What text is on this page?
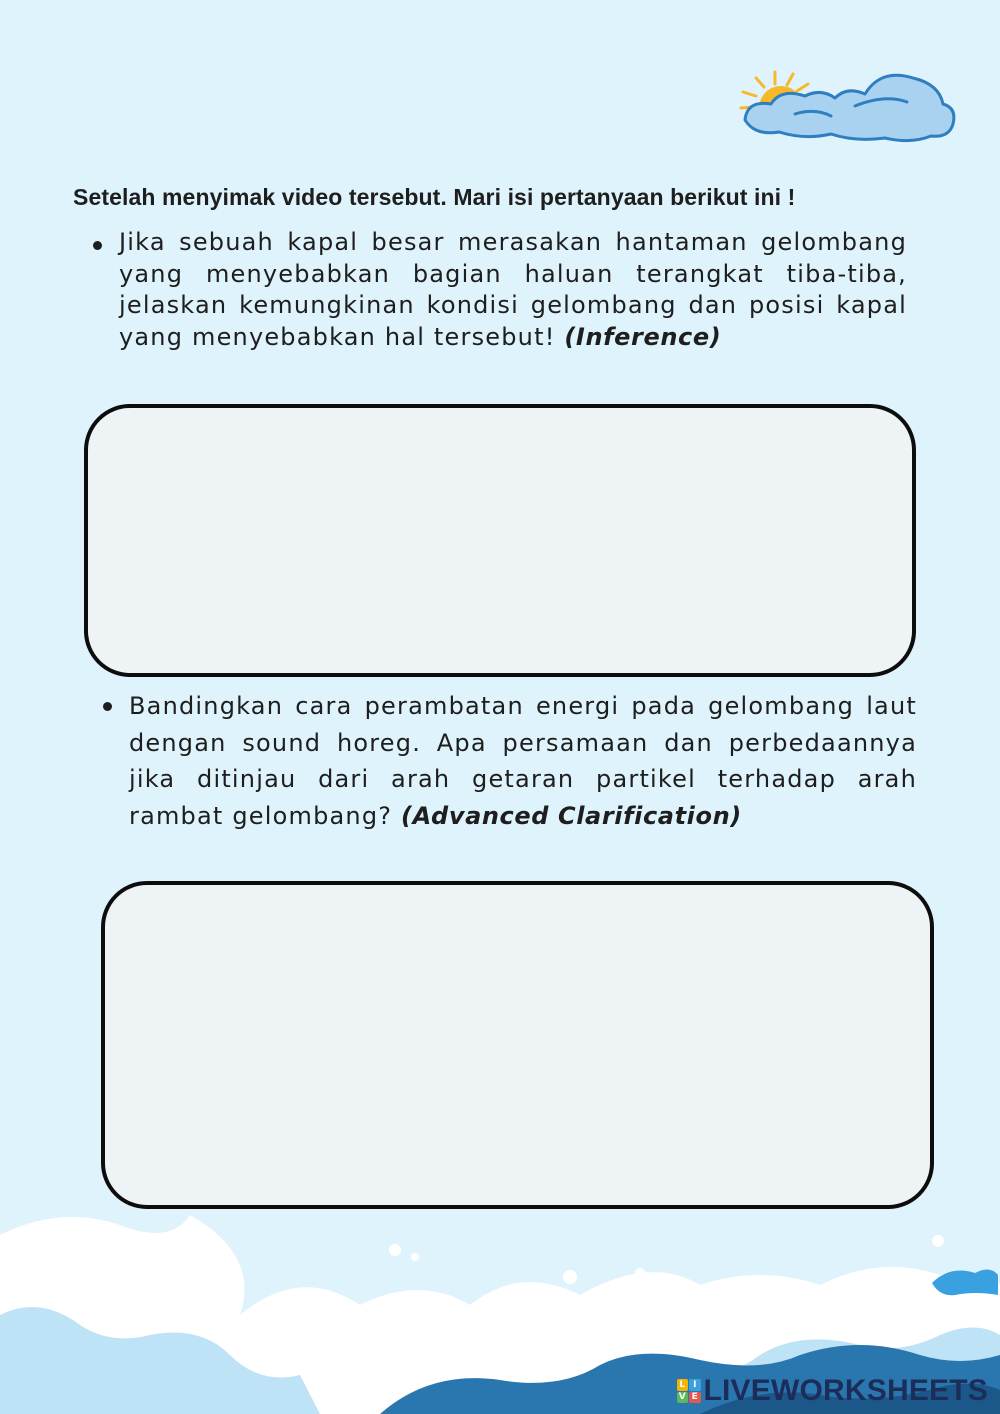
Setelah menyimak video tersebut. Mari isi pertanyaan berikut ini !

Jika sebuah kapal besar merasakan hantaman gelombang yang menyebabkan bagian haluan terangkat tiba-tiba, jelaskan kemungkinan kondisi gelombang dan posisi kapal yang menyebabkan hal tersebut! (Inference)
Bandingkan cara perambatan energi pada gelombang laut dengan sound horeg. Apa persamaan dan perbedaannya jika ditinjau dari arah getaran partikel terhadap arah rambat gelombang? (Advanced Clarification)
L I
V E LIVEWORKSHEETS
